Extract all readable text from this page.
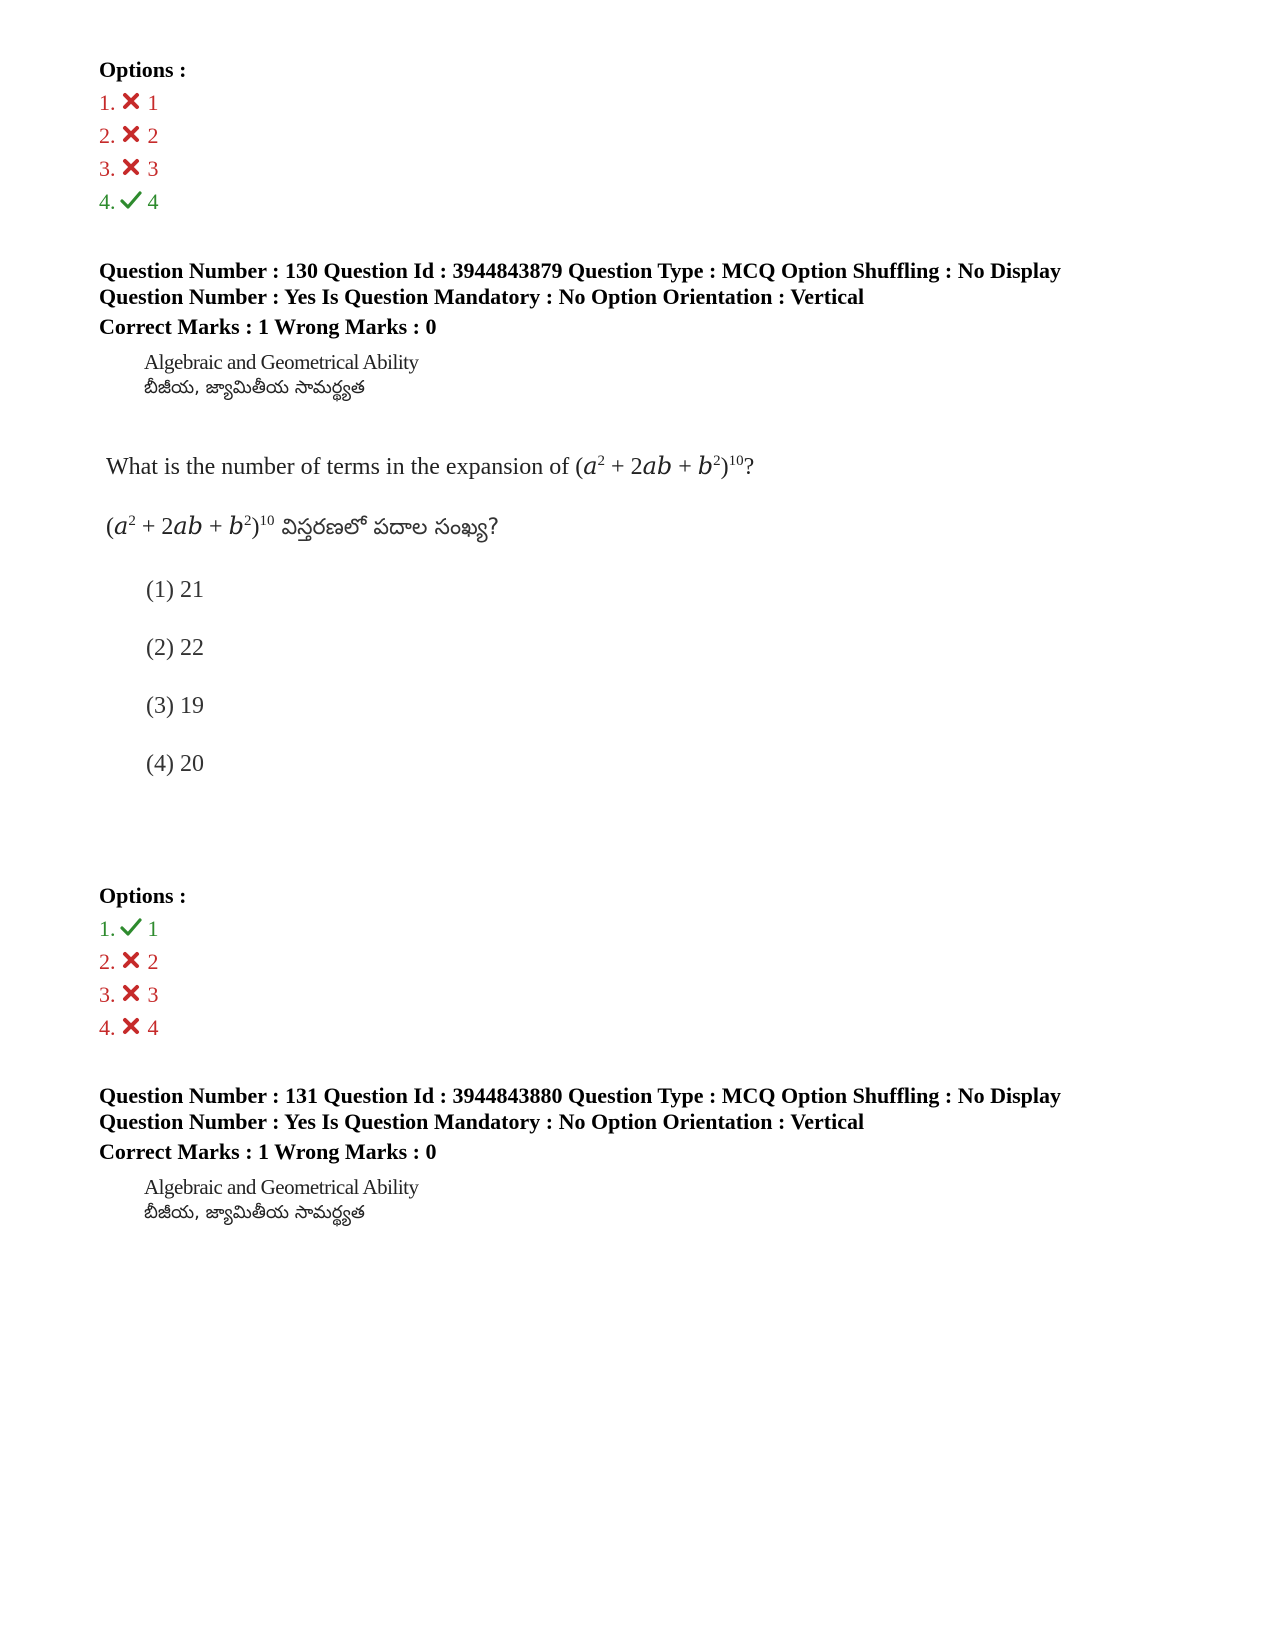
Options :
1. 1
2. 2
3. 3
4. 4
Question Number : 130 Question Id : 3944843879 Question Type : MCQ Option Shuffling : No Display
Question Number : Yes Is Question Mandatory : No Option Orientation : Vertical
Correct Marks : 1 Wrong Marks : 0
Algebraic and Geometrical Ability
బీజీయ, జ్యామితీయ సామర్థ్యత
What is the number of terms in the expansion of $(a^2 + 2ab + b^2)^{10}$?
$(a^2 + 2ab + b^2)^{10}$ విస్తరణలో పదాల సంఖ్య?
(1) 21
(2) 22
(3) 19
(4) 20
Options :
1. 1
2. 2
3. 3
4. 4
Question Number : 131 Question Id : 3944843880 Question Type : MCQ Option Shuffling : No Display
Question Number : Yes Is Question Mandatory : No Option Orientation : Vertical
Correct Marks : 1 Wrong Marks : 0
Algebraic and Geometrical Ability
బీజీయ, జ్యామితీయ సామర్థ్యత
